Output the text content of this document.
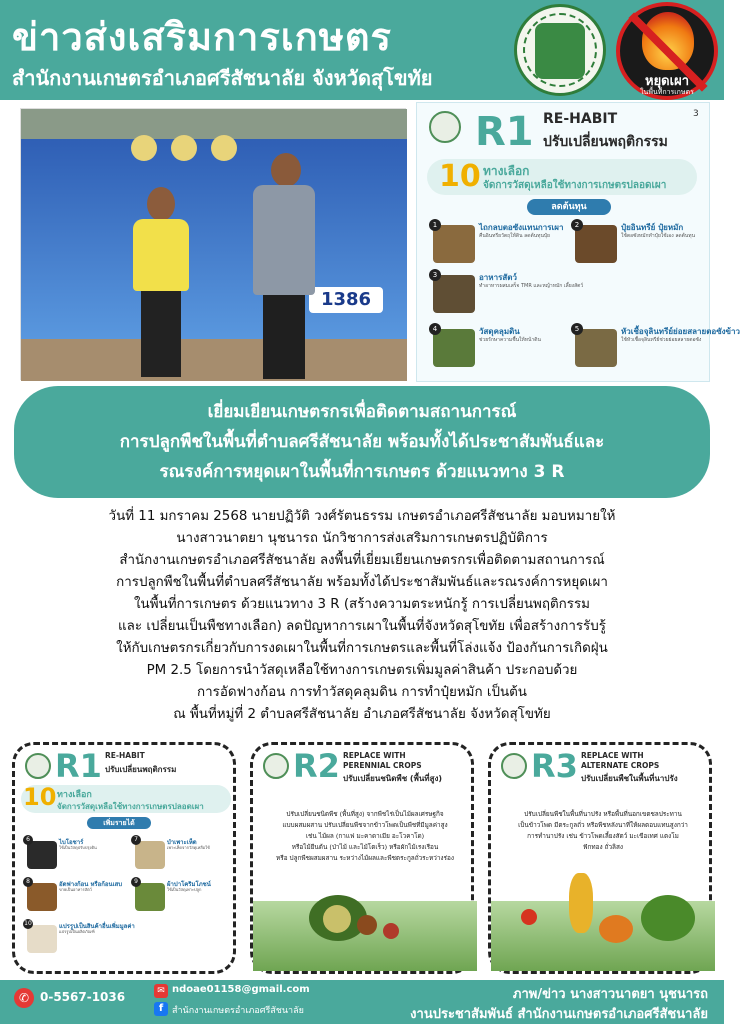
ข่าวส่งเสริมการเกษตร
สำนักงานเกษตรอำเภอศรีสัชนาลัย จังหวัดสุโขทัย	หยุดเผา
ในพื้นที่การเกษตร
1386
R1 RE-HABIT
ปรับเปลี่ยนพฤติกรรม
3
10 ทางเลือก
จัดการวัสดุเหลือใช้ทางการเกษตรปลอดเผา
ลดต้นทุน
1	ไถกลบตอซังแทนการเผา
คืนอินทรียวัตถุให้ดิน ลดต้นทุนปุ๋ย
2	ปุ๋ยอินทรีย์ ปุ๋ยหมัก
ใช้ตอซังหมักทำปุ๋ยใช้เอง ลดต้นทุน
3	อาหารสัตว์
ทำอาหารผสมเสร็จ TMR และหญ้าหมัก เลี้ยงสัตว์
4	วัสดุคลุมดิน
ช่วยรักษาความชื้นให้หน้าดิน
5	หัวเชื้อจุลินทรีย์ย่อยสลายตอซังข้าว
ใช้หัวเชื้อจุลินทรีย์ช่วยย่อยสลายตอซัง
เยี่ยมเยียนเกษตรกรเพื่อติดตามสถานการณ์
การปลูกพืชในพื้นที่ตำบลศรีสัชนาลัย พร้อมทั้งได้ประชาสัมพันธ์และ
รณรงค์การหยุดเผาในพื้นที่การเกษตร ด้วยแนวทาง 3 R
วันที่ 11 มกราคม 2568 นายปฏิวัติ วงศ์รัตนธรรม เกษตรอำเภอศรีสัชนาลัย มอบหมายให้
นางสาวนาตยา นุชนารถ นักวิชาการส่งเสริมการเกษตรปฏิบัติการ
สำนักงานเกษตรอำเภอศรีสัชนาลัย ลงพื้นที่เยี่ยมเยียนเกษตรกรเพื่อติดตามสถานการณ์
การปลูกพืชในพื้นที่ตำบลศรีสัชนาลัย พร้อมทั้งได้ประชาสัมพันธ์และรณรงค์การหยุดเผา
ในพื้นที่การเกษตร ด้วยแนวทาง 3 R (สร้างความตระหนักรู้ การเปลี่ยนพฤติกรรม
และ เปลี่ยนเป็นพืชทางเลือก) ลดปัญหาการเผาในพื้นที่จังหวัดสุโขทัย เพื่อสร้างการรับรู้
ให้กับเกษตรกรเกี่ยวกับการงดเผาในพื้นที่การเกษตรและพื้นที่โล่งแจ้ง ป้องกันการเกิดฝุ่น
PM 2.5 โดยการนำวัสดุเหลือใช้ทางการเกษตรเพิ่มมูลค่าสินค้า ประกอบด้วย
การอัดฟางก้อน การทำวัสดุคลุมดิน การทำปุ๋ยหมัก เป็นต้น
ณ พื้นที่หมู่ที่ 2 ตำบลศรีสัชนาลัย อำเภอศรีสัชนาลัย จังหวัดสุโขทัย
R1 RE-HABIT
ปรับเปลี่ยนพฤติกรรม
10 ทางเลือก
จัดการวัสดุเหลือใช้ทางการเกษตรปลอดเผา
เพิ่มรายได้
6	ไบโอชาร์
ใช้เป็นวัสดุปรับปรุงดิน
7	บำเพาะเห็ด
เพาะเห็ดจากวัสดุเหลือใช้
8	อัดฟางก้อน หรือก้อนเสบ
ขายเป็นอาหารสัตว์
9	ผ้าปาโคริมโภชน์
ใช้เป็นวัสดุเพาะปลูก
10	แปรรูปเป็นสินค้าอื่นเพิ่มมูลค่า
แปรรูปเป็นผลิตภัณฑ์
R2 REPLACE WITH
PERENNIAL CROPS
ปรับเปลี่ยนชนิดพืช (พื้นที่สูง)
ปรับเปลี่ยนชนิดพืช (พื้นที่สูง) จากพืชไร่เป็นไม้ผลเศรษฐกิจ
แบบผสมผสาน ปรับเปลี่ยนพืชจากข้าวโพดเป็นพืชที่มีมูลค่าสูง
เช่น ไม้ผล (กาแฟ มะคาดาเมีย อะโวคาโด)
หรือไม้ยืนต้น (ป่าไม้ และไม้โตเร็ว) หรือผักไม้เรงเรือน
หรือ ปลูกพืชผสมผสาน ระหว่างไม้ผลและพืชตระกูลถั่วระหว่างร่อง
R3 REPLACE WITH
ALTERNATE CROPS
ปรับเปลี่ยนพืชในพื้นที่นาปรัง
ปรับเปลี่ยนพืชในพื้นที่นาปรัง หรือพื้นที่นอกเขตชลประทาน
เป็นข้าวโพด มีตระกูลถั่ว หรือพืชหลังนาที่ให้ผลตอบแทนสูงกว่า
การทำนาปรัง เช่น ข้าวโพดเลี้ยงสัตว์ มะเขือเทศ แตงโม
ฟักทอง ถั่วลิสง
✆ 0-5567-1036	✉ ndoae01158@gmail.com
f สำนักงานเกษตรอำเภอศรีสัชนาลัย
ภาพ/ข่าว นางสาวนาตยา นุชนารถ
งานประชาสัมพันธ์ สำนักงานเกษตรอำเภอศรีสัชนาลัย
